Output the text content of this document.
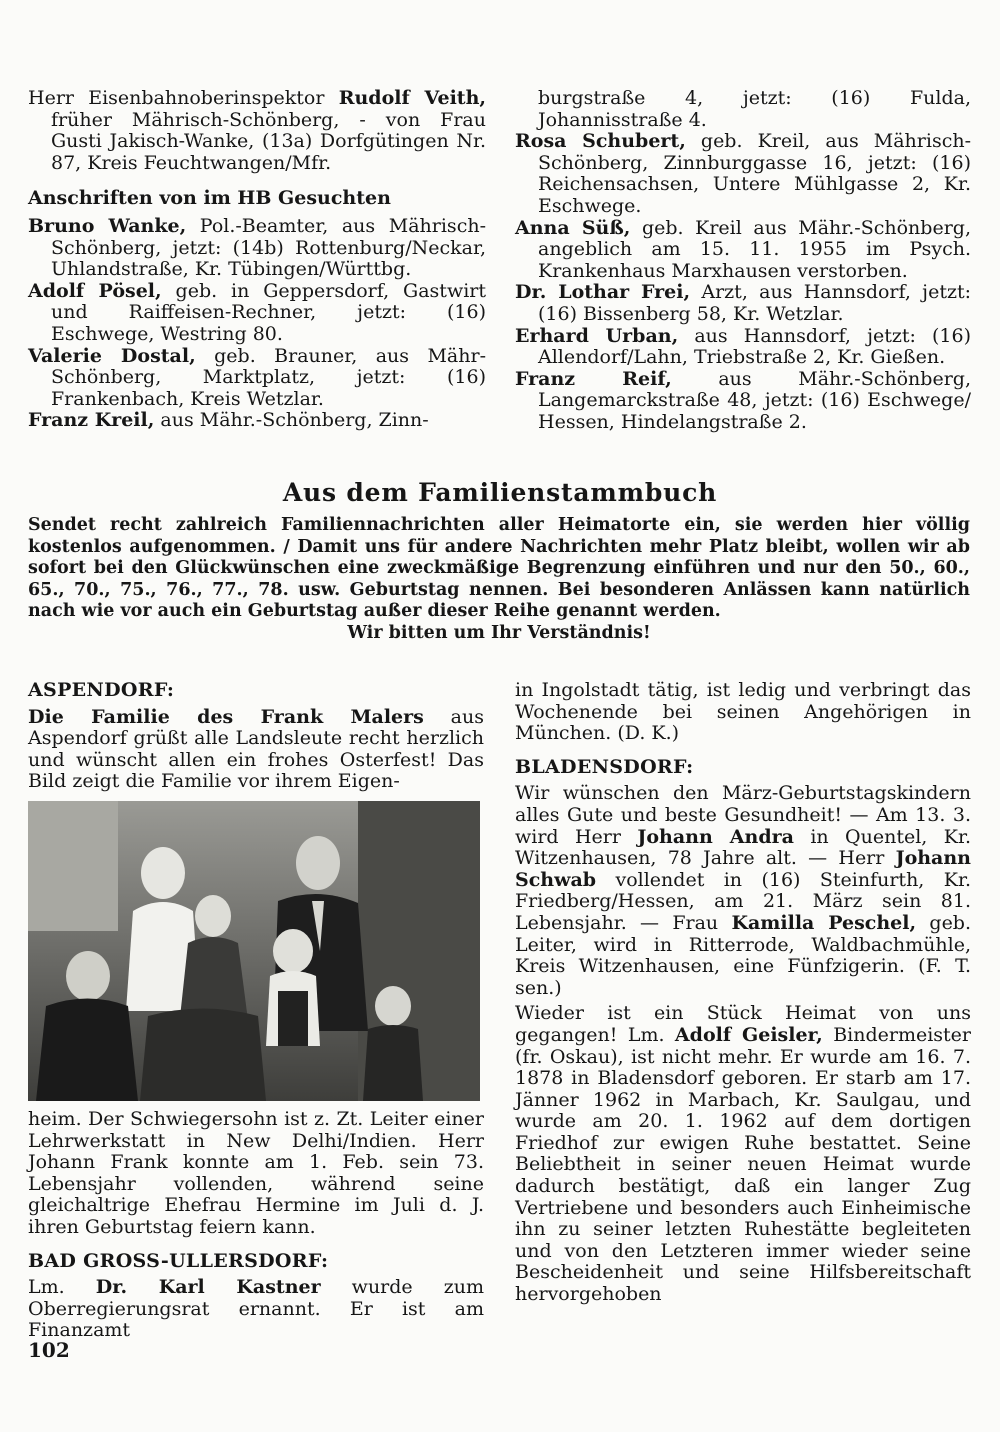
Herr Eisenbahnoberinspektor Rudolf Veith, früher Mährisch-Schönberg, - von Frau Gusti Jakisch-Wanke, (13a) Dorfgütingen Nr. 87, Kreis Feuchtwangen/Mfr.

Anschriften von im HB Gesuchten

Bruno Wanke, Pol.-Beamter, aus Mährisch-Schönberg, jetzt: (14b) Rottenburg/Neckar, Uhlandstraße, Kr. Tübingen/Württbg.

Adolf Pösel, geb. in Geppersdorf, Gastwirt und Raiffeisen-Rechner, jetzt: (16) Eschwege, Westring 80.

Valerie Dostal, geb. Brauner, aus Mähr-Schönberg, Marktplatz, jetzt: (16) Frankenbach, Kreis Wetzlar.

Franz Kreil, aus Mähr.-Schönberg, Zinn-

burgstraße 4, jetzt: (16) Fulda, Johannisstraße 4.

Rosa Schubert, geb. Kreil, aus Mährisch-Schönberg, Zinnburggasse 16, jetzt: (16) Reichensachsen, Untere Mühlgasse 2, Kr. Eschwege.

Anna Süß, geb. Kreil aus Mähr.-Schönberg, angeblich am 15. 11. 1955 im Psych. Krankenhaus Marxhausen verstorben.

Dr. Lothar Frei, Arzt, aus Hannsdorf, jetzt: (16) Bissenberg 58, Kr. Wetzlar.

Erhard Urban, aus Hannsdorf, jetzt: (16) Allendorf/Lahn, Triebstraße 2, Kr. Gießen.

Franz Reif, aus Mähr.-Schönberg, Langemarckstraße 48, jetzt: (16) Eschwege/ Hessen, Hindelangstraße 2.

Aus dem Familienstammbuch
Sendet recht zahlreich Familiennachrichten aller Heimatorte ein, sie werden hier völlig kostenlos aufgenommen. / Damit uns für andere Nachrichten mehr Platz bleibt, wollen wir ab sofort bei den Glückwünschen eine zweckmäßige Begrenzung einführen und nur den 50., 60., 65., 70., 75., 76., 77., 78. usw. Geburtstag nennen. Bei besonderen Anlässen kann natürlich nach wie vor auch ein Geburtstag außer dieser Reihe genannt werden.
Wir bitten um Ihr Verständnis!

ASPENDORF:

Die Familie des Frank Malers aus Aspendorf grüßt alle Landsleute recht herzlich und wünscht allen ein frohes Osterfest! Das Bild zeigt die Familie vor ihrem Eigen-

heim. Der Schwiegersohn ist z. Zt. Leiter einer Lehrwerkstatt in New Delhi/Indien. Herr Johann Frank konnte am 1. Feb. sein 73. Lebensjahr vollenden, während seine gleichaltrige Ehefrau Hermine im Juli d. J. ihren Geburtstag feiern kann.

BAD GROSS-ULLERSDORF:

Lm. Dr. Karl Kastner wurde zum Oberregierungsrat ernannt. Er ist am Finanzamt

in Ingolstadt tätig, ist ledig und verbringt das Wochenende bei seinen Angehörigen in München. (D. K.)

BLADENSDORF:

Wir wünschen den März-Geburtstagskindern alles Gute und beste Gesundheit! — Am 13. 3. wird Herr Johann Andra in Quentel, Kr. Witzenhausen, 78 Jahre alt. — Herr Johann Schwab vollendet in (16) Steinfurth, Kr. Friedberg/Hessen, am 21. März sein 81. Lebensjahr. — Frau Kamilla Peschel, geb. Leiter, wird in Ritterrode, Waldbachmühle, Kreis Witzenhausen, eine Fünfzigerin. (F. T. sen.)

Wieder ist ein Stück Heimat von uns gegangen! Lm. Adolf Geisler, Bindermeister (fr. Oskau), ist nicht mehr. Er wurde am 16. 7. 1878 in Bladensdorf geboren. Er starb am 17. Jänner 1962 in Marbach, Kr. Saulgau, und wurde am 20. 1. 1962 auf dem dortigen Friedhof zur ewigen Ruhe bestattet. Seine Beliebtheit in seiner neuen Heimat wurde dadurch bestätigt, daß ein langer Zug Vertriebene und besonders auch Einheimische ihn zu seiner letzten Ruhestätte begleiteten und von den Letzteren immer wieder seine Bescheidenheit und seine Hilfsbereitschaft hervorgehoben

102
